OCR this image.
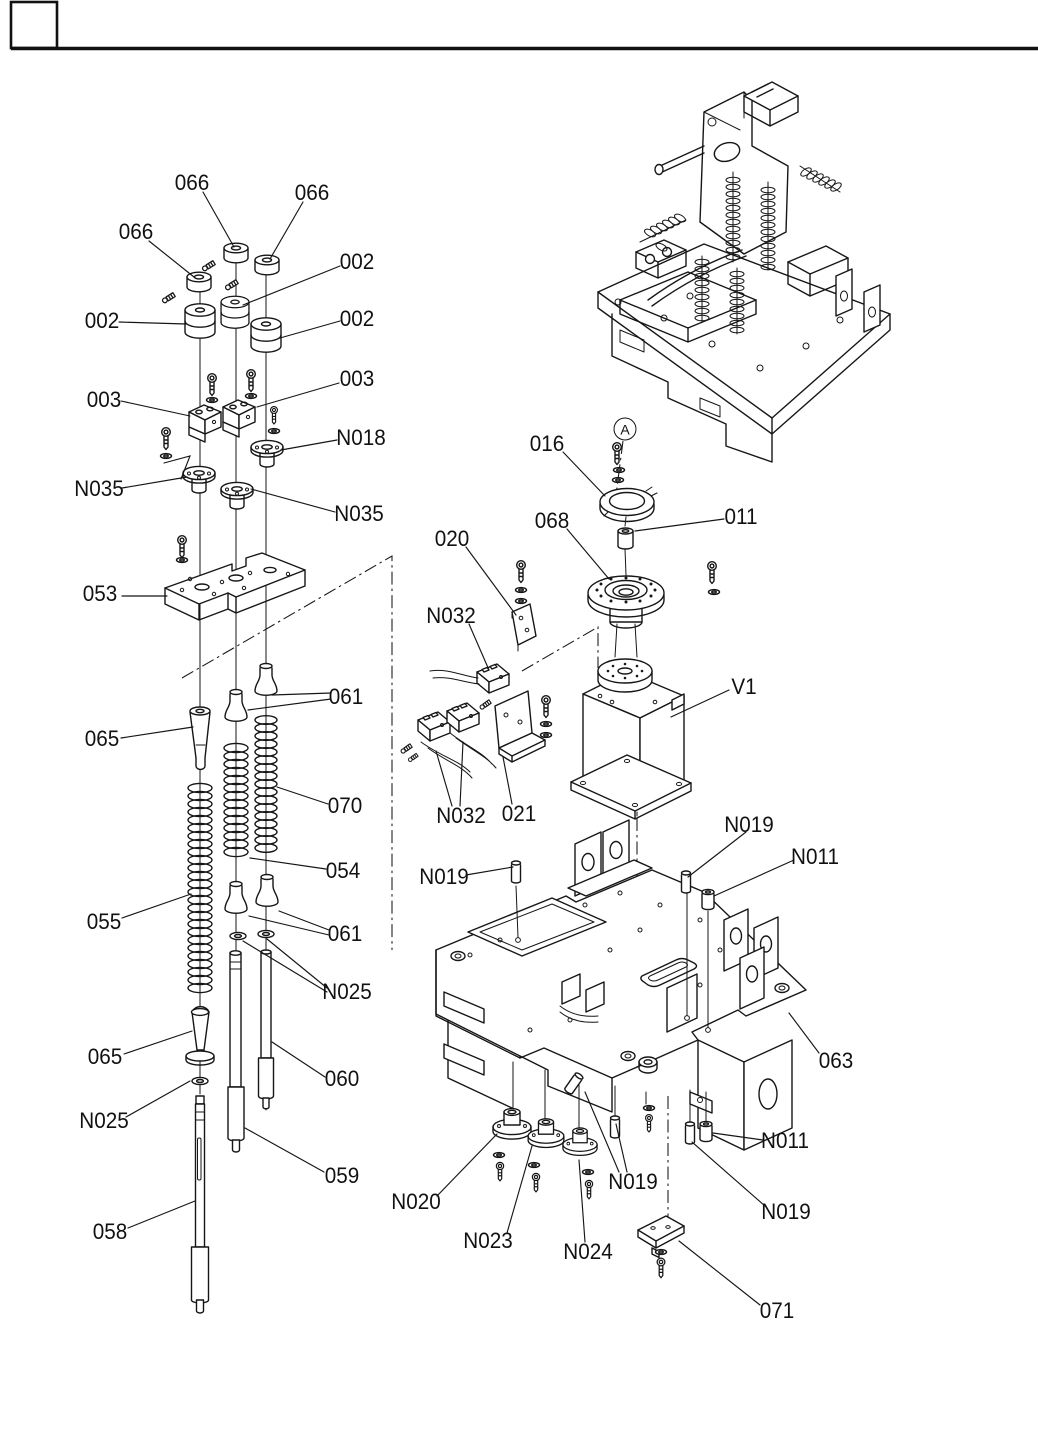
066	066
066
002
002	002
003
003
N018
N035
N035
053
061
065
070
054
055	061
N025
065
060
N025
059
058
016
068	011
020
N032
V1
N032 021
N019
N019
N011
063
N020
N023 N024
N019
N019
N011
071
A
